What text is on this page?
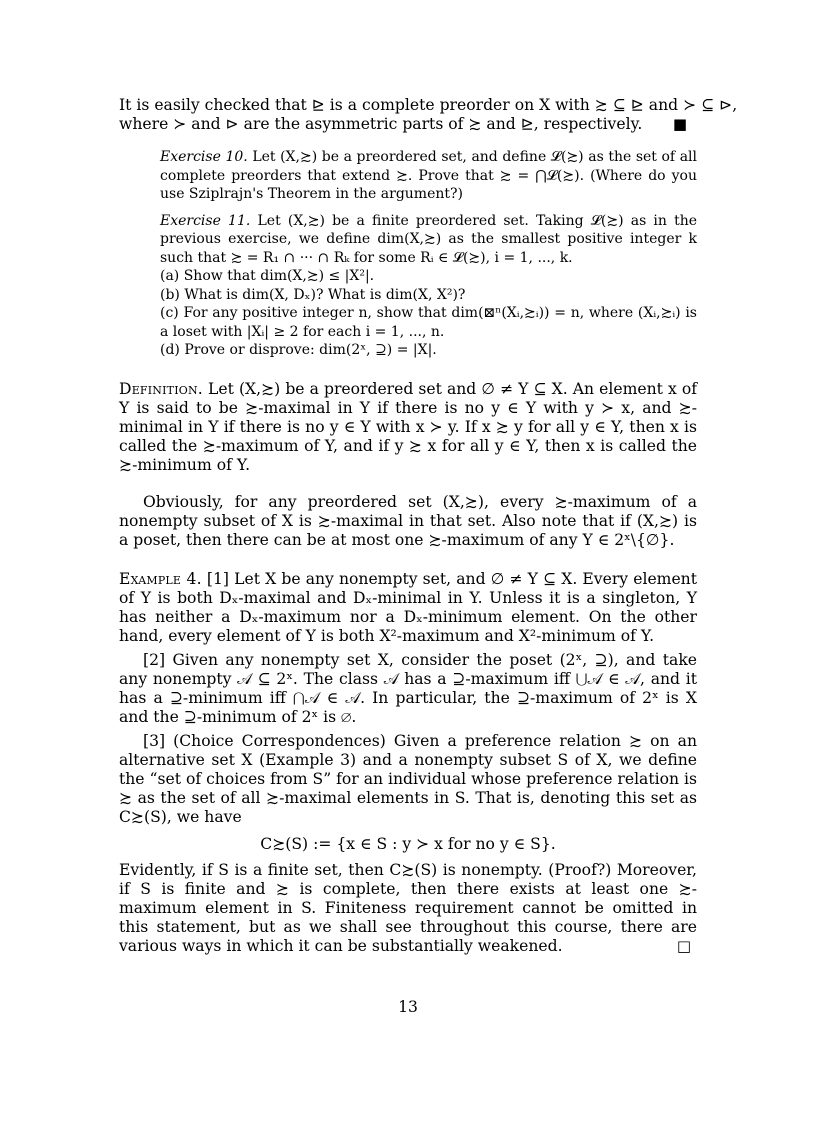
It is easily checked that ⊵ is a complete preorder on X with ≿ ⊆ ⊵ and ≻ ⊆ ⊳,

where ≻ and ⊳ are the asymmetric parts of ≿ and ⊵, respectively. ■

Exercise 10. Let (X,≿) be a preordered set, and define 𝓛(≿) as the set of all complete preorders that extend ≿. Prove that ≿ = ⋂𝓛(≿). (Where do you use Sziplrajn's Theorem in the argument?)

Exercise 11. Let (X,≿) be a finite preordered set. Taking 𝓛(≿) as in the previous exercise, we define dim(X,≿) as the smallest positive integer k such that ≿ = R₁ ∩ ··· ∩ Rₖ for some Rᵢ ∈ 𝓛(≿), i = 1, ..., k.

(a) Show that dim(X,≿) ≤ |X²|.

(b) What is dim(X, Dₓ)? What is dim(X, X²)?

(c) For any positive integer n, show that dim(⊠ⁿ(Xᵢ,≿ᵢ)) = n, where (Xᵢ,≿ᵢ) is a loset with |Xᵢ| ≥ 2 for each i = 1, ..., n.

(d) Prove or disprove: dim(2ˣ, ⊇) = |X|.

Definition. Let (X,≿) be a preordered set and ∅ ≠ Y ⊆ X. An element x of Y is said to be ≿-maximal in Y if there is no y ∈ Y with y ≻ x, and ≿-minimal in Y if there is no y ∈ Y with x ≻ y. If x ≿ y for all y ∈ Y, then x is called the ≿-maximum of Y, and if y ≿ x for all y ∈ Y, then x is called the ≿-minimum of Y.

Obviously, for any preordered set (X,≿), every ≿-maximum of a nonempty subset of X is ≿-maximal in that set. Also note that if (X,≿) is a poset, then there can be at most one ≿-maximum of any Y ∈ 2ˣ\{∅}.

Example 4. [1] Let X be any nonempty set, and ∅ ≠ Y ⊆ X. Every element of Y is both Dₓ-maximal and Dₓ-minimal in Y. Unless it is a singleton, Y has neither a Dₓ-maximum nor a Dₓ-minimum element. On the other hand, every element of Y is both X²-maximum and X²-minimum of Y.

[2] Given any nonempty set X, consider the poset (2ˣ, ⊇), and take any nonempty 𝒜 ⊆ 2ˣ. The class 𝒜 has a ⊇-maximum iff ⋃𝒜 ∈ 𝒜, and it has a ⊇-minimum iff ⋂𝒜 ∈ 𝒜. In particular, the ⊇-maximum of 2ˣ is X and the ⊇-minimum of 2ˣ is ∅.

[3] (Choice Correspondences) Given a preference relation ≿ on an alternative set X (Example 3) and a nonempty subset S of X, we define the “set of choices from S” for an individual whose preference relation is ≿ as the set of all ≿-maximal elements in S. That is, denoting this set as C≿(S), we have

C≿(S) := {x ∈ S : y ≻ x for no y ∈ S}.

Evidently, if S is a finite set, then C≿(S) is nonempty. (Proof?) Moreover, if S is finite and ≿ is complete, then there exists at least one ≿-maximum element in S. Finiteness requirement cannot be omitted in this statement, but as we shall see throughout this course, there are various ways in which it can be substantially weakened.	□

13
